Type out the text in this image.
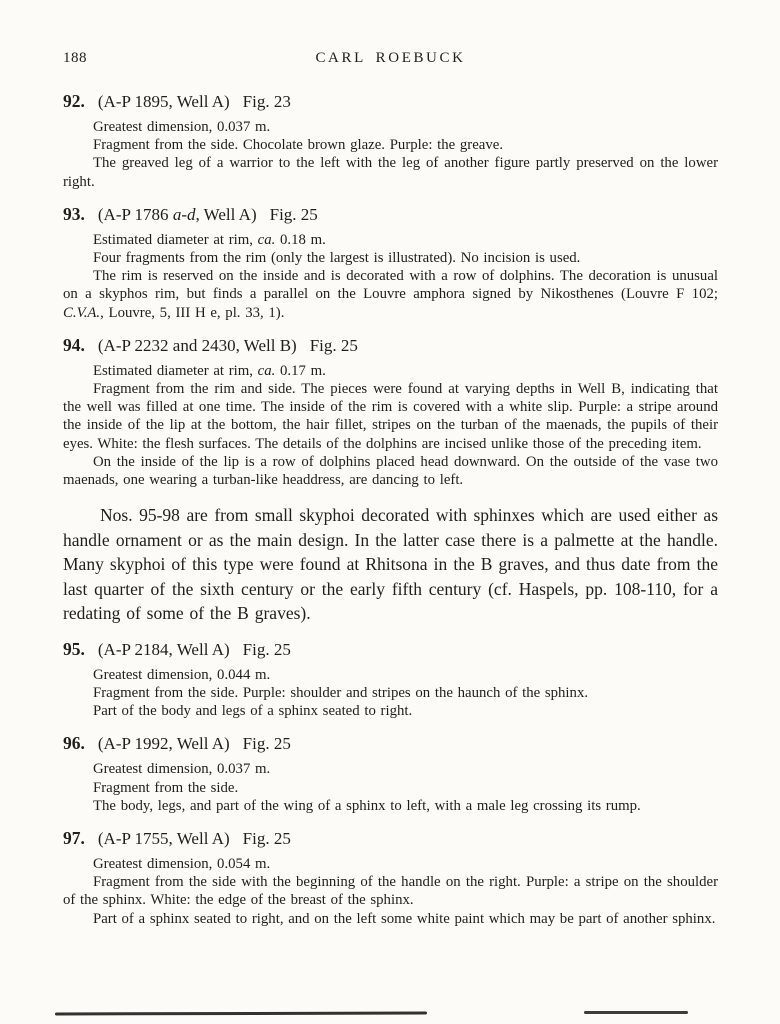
188	CARL ROEBUCK
92. (A-P 1895, Well A) Fig. 23

Greatest dimension, 0.037 m.

Fragment from the side. Chocolate brown glaze. Purple: the greave.

The greaved leg of a warrior to the left with the leg of another figure partly preserved on the lower right.

93. (A-P 1786 a-d, Well A) Fig. 25

Estimated diameter at rim, ca. 0.18 m.

Four fragments from the rim (only the largest is illustrated). No incision is used.

The rim is reserved on the inside and is decorated with a row of dolphins. The decoration is unusual on a skyphos rim, but finds a parallel on the Louvre amphora signed by Nikosthenes (Louvre F 102; C.V.A., Louvre, 5, III H e, pl. 33, 1).

94. (A-P 2232 and 2430, Well B) Fig. 25

Estimated diameter at rim, ca. 0.17 m.

Fragment from the rim and side. The pieces were found at varying depths in Well B, indicating that the well was filled at one time. The inside of the rim is covered with a white slip. Purple: a stripe around the inside of the lip at the bottom, the hair fillet, stripes on the turban of the maenads, the pupils of their eyes. White: the flesh surfaces. The details of the dolphins are incised unlike those of the preceding item.

On the inside of the lip is a row of dolphins placed head downward. On the outside of the vase two maenads, one wearing a turban-like headdress, are dancing to left.

Nos. 95-98 are from small skyphoi decorated with sphinxes which are used either as handle ornament or as the main design. In the latter case there is a palmette at the handle. Many skyphoi of this type were found at Rhitsona in the B graves, and thus date from the last quarter of the sixth century or the early fifth century (cf. Haspels, pp. 108-110, for a redating of some of the B graves).

95. (A-P 2184, Well A) Fig. 25

Greatest dimension, 0.044 m.

Fragment from the side. Purple: shoulder and stripes on the haunch of the sphinx.

Part of the body and legs of a sphinx seated to right.

96. (A-P 1992, Well A) Fig. 25

Greatest dimension, 0.037 m.

Fragment from the side.

The body, legs, and part of the wing of a sphinx to left, with a male leg crossing its rump.

97. (A-P 1755, Well A) Fig. 25

Greatest dimension, 0.054 m.

Fragment from the side with the beginning of the handle on the right. Purple: a stripe on the shoulder of the sphinx. White: the edge of the breast of the sphinx.

Part of a sphinx seated to right, and on the left some white paint which may be part of another sphinx.
